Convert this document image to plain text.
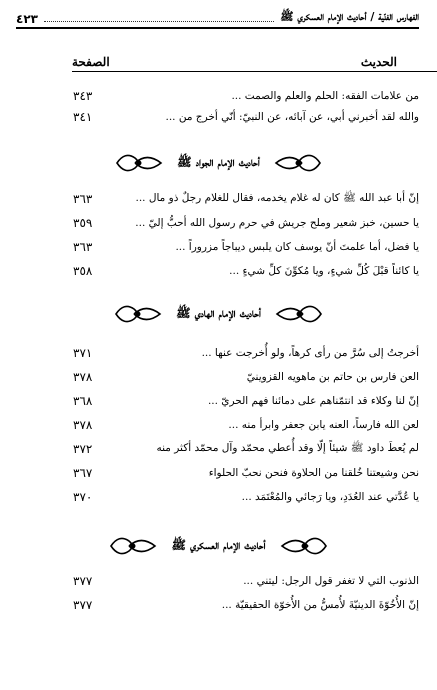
٤٢٣	الفهارس الفنّية / أحاديث الإمام العسكري ﷺ
الحديث
الصفحة
من علامات الفقه: الحلم والعلم والصمت ...
٣٤٣
والله لقد أخبرني أبي، عن آبائه، عن النبيّ: أنّي أخرج من ...
٣٤١
أحاديث الإمام الجواد ﷺ
إنّ أبا عبد الله ﷺ كان له غلام يخدمه، فقال للغلام رجلٌ ذو مال ...
٣٦٣
يا حسين، خبز شعير وملح جريش في حرم رسول الله أحبُّ إليّ ...
٣٥٩
يا فضل، أما علمتَ أنّ يوسف كان يلبس ديباجاً مزروراً ...
٣٦٣
يا كائناً قبْلَ كُلِّ شيءٍ، ويا مُكوِّنَ كلِّ شيءٍ ...
٣٥٨
أحاديث الإمام الهادي ﷺ
أخرجتُ إلى سُرَّ من رأى كرهاً، ولو أُخرجت عنها ...
٣٧١
العن فارس بن حاتم بن ماهويه القزوينيّ
٣٧٨
إنّ لنا وكلاء قد انتمّناهم على دمائنا فهم الحريّ ...
٣٦٨
لعن الله فارساً، العنه يابن جعفر وابرأ منه ...
٣٧٨
لم يُعطَ داود ﷺ شيئاً إلّا وقد أُعطي محمّد وآل محمّد أكثر منه
٣٧٢
نحن وشيعتنا خُلقنا من الحلاوة فنحن نحبّ الحلواء
٣٦٧
يا عُدَّتي عند العُدَدِ، ويا رَجائي والمُعْتَمَد ...
٣٧٠
أحاديث الإمام العسكري ﷺ
الذنوب التي لا تغفر قول الرجل: ليتني ...
٣٧٧
إنّ الأُخُوّةَ الدينيّةَ لأُمسُّ من الأُخوّة الحقيقيّة ...
٣٧٧
